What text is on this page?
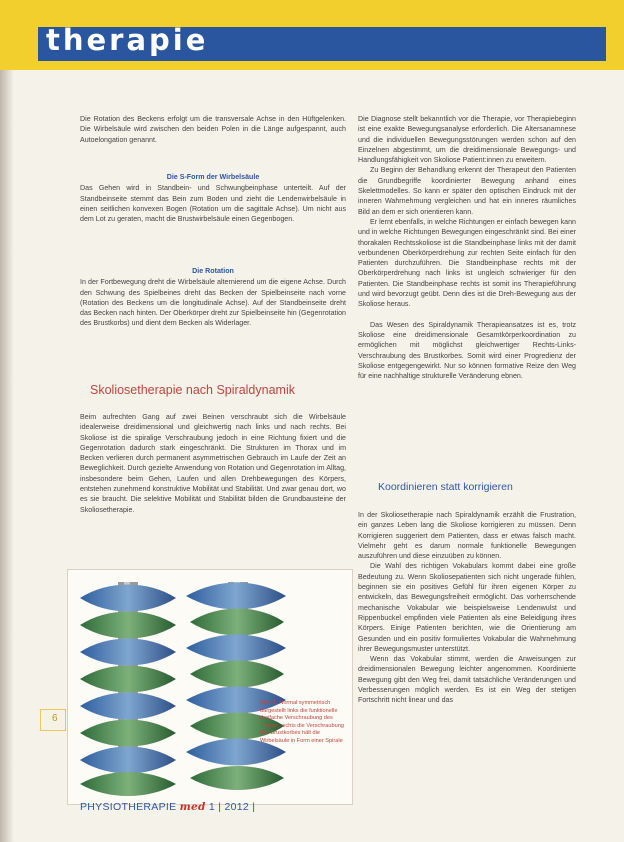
therapie

Die Rotation des Beckens erfolgt um die transversale Achse in den Hüftgelenken. Die Wirbelsäule wird zwischen den beiden Polen in die Länge aufgespannt, auch Autoelongation genannt.

Die S-Form der Wirbelsäule

Das Gehen wird in Standbein- und Schwungbeinphase unterteilt. Auf der Standbeinseite stemmt das Bein zum Boden und zieht die Lendenwirbelsäule in einen seitlichen konvexen Bogen (Rotation um die sagittale Achse). Um nicht aus dem Lot zu geraten, macht die Brustwirbelsäule einen Gegenbogen.

Die Rotation

In der Fortbewegung dreht die Wirbelsäule alternierend um die eigene Achse. Durch den Schwung des Spielbeines dreht das Becken der Spielbeinseite nach vorne (Rotation des Beckens um die longitudinale Achse). Auf der Standbeinseite dreht das Becken nach hinten. Der Oberkörper dreht zur Spielbeinseite hin (Gegenrotation des Brustkorbs) und dient dem Becken als Widerlager.

Skoliosetherapie nach Spiraldynamik

Beim aufrechten Gang auf zwei Beinen verschraubt sich die Wirbelsäule idealerweise dreidimensional und gleichwertig nach links und nach rechts. Bei Skoliose ist die spiralige Verschraubung jedoch in eine Richtung fixiert und die Gegenrotation dadurch stark eingeschränkt. Die Strukturen im Thorax und im Becken verlieren durch permanent asymmetrischen Gebrauch im Laufe der Zeit an Beweglichkeit. Durch gezielte Anwendung von Rotation und Gegenrotation im Alltag, insbesondere beim Gehen, Laufen und allen Drehbewegungen des Körpers, entstehen zunehmend konstruktive Mobilität und Stabilität. Und zwar genau dort, wo es sie braucht. Die selektive Mobilität und Stabilität bilden die Grundbausteine der Skoliosetherapie.

Abb. 1: Normal symmetrisch dargestellt links die funktionelle dreifache Verschraubung des Thorax, rechts die Verschraubung des Brustkorbes hält die Wirbelsäule in Form einer Spirale

Die Diagnose stellt bekanntlich vor die Therapie, vor Therapiebeginn ist eine exakte Bewegungsanalyse erforderlich. Die Altersanamnese und die individuellen Bewegungsstörungen werden schon auf den Einzelnen abgestimmt, um die dreidimensionale Bewegungs- und Handlungsfähigkeit von Skoliose Patient:innen zu erweitern.

Zu Beginn der Behandlung erkennt der Therapeut den Patienten die Grundbegriffe koordinierter Bewegung anhand eines Skelettmodelles. So kann er später den optischen Eindruck mit der inneren Wahrnehmung vergleichen und hat ein inneres räumliches Bild an dem er sich orientieren kann.

Er lernt ebenfalls, in welche Richtungen er einfach bewegen kann und in welche Richtungen Bewegungen eingeschränkt sind. Bei einer thorakalen Rechtsskoliose ist die Standbeinphase links mit der damit verbundenen Oberkörperdrehung zur rechten Seite einfach für den Patienten durchzuführen. Die Standbeinphase rechts mit der Oberkörperdrehung nach links ist ungleich schwieriger für den Patienten. Die Standbeinphase rechts ist somit ins Therapieführung und wird bevorzugt geübt. Denn dies ist die Dreh-Bewegung aus der Skoliose heraus.

Das Wesen des Spiraldynamik Therapieansatzes ist es, trotz Skoliose eine dreidimensionale Gesamtkörperkoordination zu ermöglichen mit möglichst gleichwertiger Rechts-Links-Verschraubung des Brustkorbes. Somit wird einer Progredienz der Skoliose entgegengewirkt. Nur so können formative Reize den Weg für eine nachhaltige strukturelle Veränderung ebnen.

Koordinieren statt korrigieren

In der Skoliosetherapie nach Spiraldynamik erzählt die Frustration, ein ganzes Leben lang die Skoliose korrigieren zu müssen. Denn Korrigieren suggeriert dem Patienten, dass er etwas falsch macht. Vielmehr geht es darum normale funktionelle Bewegungen auszuführen und diese einzuüben zu können.

Die Wahl des richtigen Vokabulars kommt dabei eine große Bedeutung zu. Wenn Skoliosepatienten sich nicht ungerade fühlen, beginnen sie ein positives Gefühl für ihren eigenen Körper zu entwickeln, das Bewegungsfreiheit ermöglicht. Das vorherrschende mechanische Vokabular wie beispielsweise Lendenwulst und Rippenbuckel empfinden viele Patienten als eine Beleidigung ihres Körpers. Einige Patienten berichten, wie die Orientierung am Gesunden und ein positiv formuliertes Vokabular die Wahrnehmung ihrer Bewegungsmuster unterstützt.

Wenn das Vokabular stimmt, werden die Anweisungen zur dreidimensionalen Bewegung leichter angenommen. Koordinierte Bewegung gibt den Weg frei, damit tatsächliche Veränderungen und Verbesserungen möglich werden. Es ist ein Weg der stetigen Fortschritt nicht linear und das

6
PHYSIOTHERAPIE med 1 | 2012 |
